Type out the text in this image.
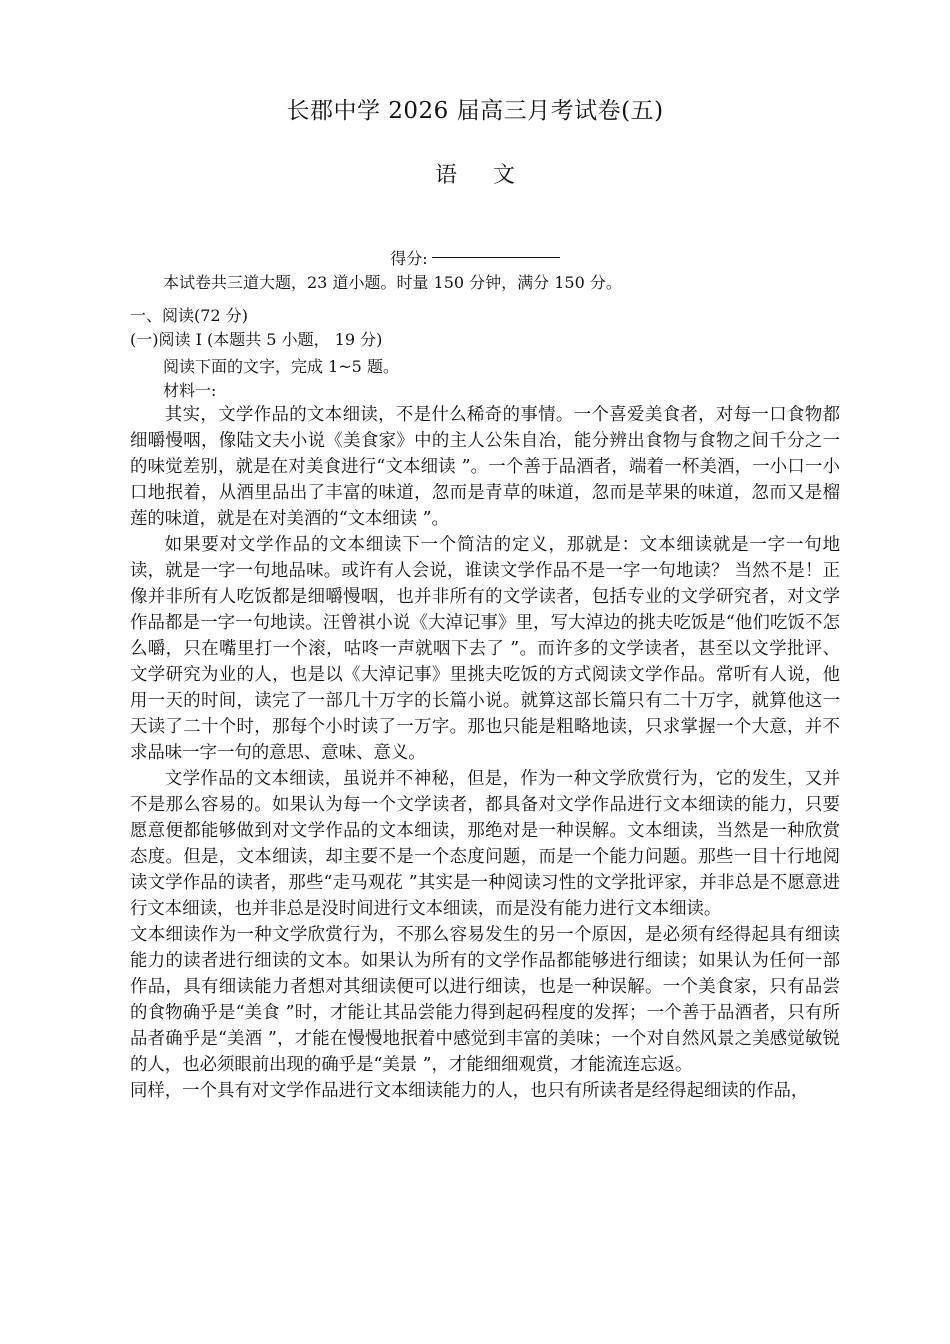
长郡中学 2026 届高三月考试卷(五)
语文
得分:
本试卷共三道大题，23 道小题。时量 150 分钟，满分 150 分。
一、阅读(72 分)
(一)阅读 Ⅰ (本题共 5 小题， 19 分)
阅读下面的文字，完成 1~5 题。
材料一:

其实，文学作品的文本细读，不是什么稀奇的事情。一个喜爱美食者，对每一口食物都细嚼慢咽，像陆文夫小说《美食家》中的主人公朱自冶，能分辨出食物与食物之间千分之一的味觉差别，就是在对美食进行“文本细读 ”。一个善于品酒者，端着一杯美酒，一小口一小口地抿着，从酒里品出了丰富的味道，忽而是青草的味道，忽而是苹果的味道，忽而又是榴莲的味道，就是在对美酒的“文本细读 ”。

如果要对文学作品的文本细读下一个简洁的定义，那就是：文本细读就是一字一句地读，就是一字一句地品味。或许有人会说，谁读文学作品不是一字一句地读？ 当然不是！正像并非所有人吃饭都是细嚼慢咽，也并非所有的文学读者，包括专业的文学研究者，对文学作品都是一字一句地读。汪曾祺小说《大淖记事》里，写大淖边的挑夫吃饭是“他们吃饭不怎么嚼，只在嘴里打一个滚，咕咚一声就咽下去了 ”。而许多的文学读者，甚至以文学批评、文学研究为业的人，也是以《大淖记事》里挑夫吃饭的方式阅读文学作品。常听有人说，他用一天的时间，读完了一部几十万字的长篇小说。就算这部长篇只有二十万字，就算他这一天读了二十个时，那每个小时读了一万字。那也只能是粗略地读，只求掌握一个大意，并不求品味一字一句的意思、意味、意义。

文学作品的文本细读，虽说并不神秘，但是，作为一种文学欣赏行为，它的发生，又并不是那么容易的。如果认为每一个文学读者，都具备对文学作品进行文本细读的能力，只要愿意便都能够做到对文学作品的文本细读，那绝对是一种误解。文本细读，当然是一种欣赏态度。但是，文本细读，却主要不是一个态度问题，而是一个能力问题。那些一目十行地阅读文学作品的读者，那些“走马观花 ”其实是一种阅读习性的文学批评家，并非总是不愿意进行文本细读，也并非总是没时间进行文本细读，而是没有能力进行文本细读。

文本细读作为一种文学欣赏行为，不那么容易发生的另一个原因，是必须有经得起具有细读能力的读者进行细读的文本。如果认为所有的文学作品都能够进行细读；如果认为任何一部作品，具有细读能力者想对其细读便可以进行细读，也是一种误解。一个美食家，只有品尝的食物确乎是“美食 ”时，才能让其品尝能力得到起码程度的发挥；一个善于品酒者，只有所品者确乎是“美酒 ”，才能在慢慢地抿着中感觉到丰富的美味；一个对自然风景之美感觉敏锐的人，也必须眼前出现的确乎是“美景 ”，才能细细观赏，才能流连忘返。

同样，一个具有对文学作品进行文本细读能力的人，也只有所读者是经得起细读的作品，
